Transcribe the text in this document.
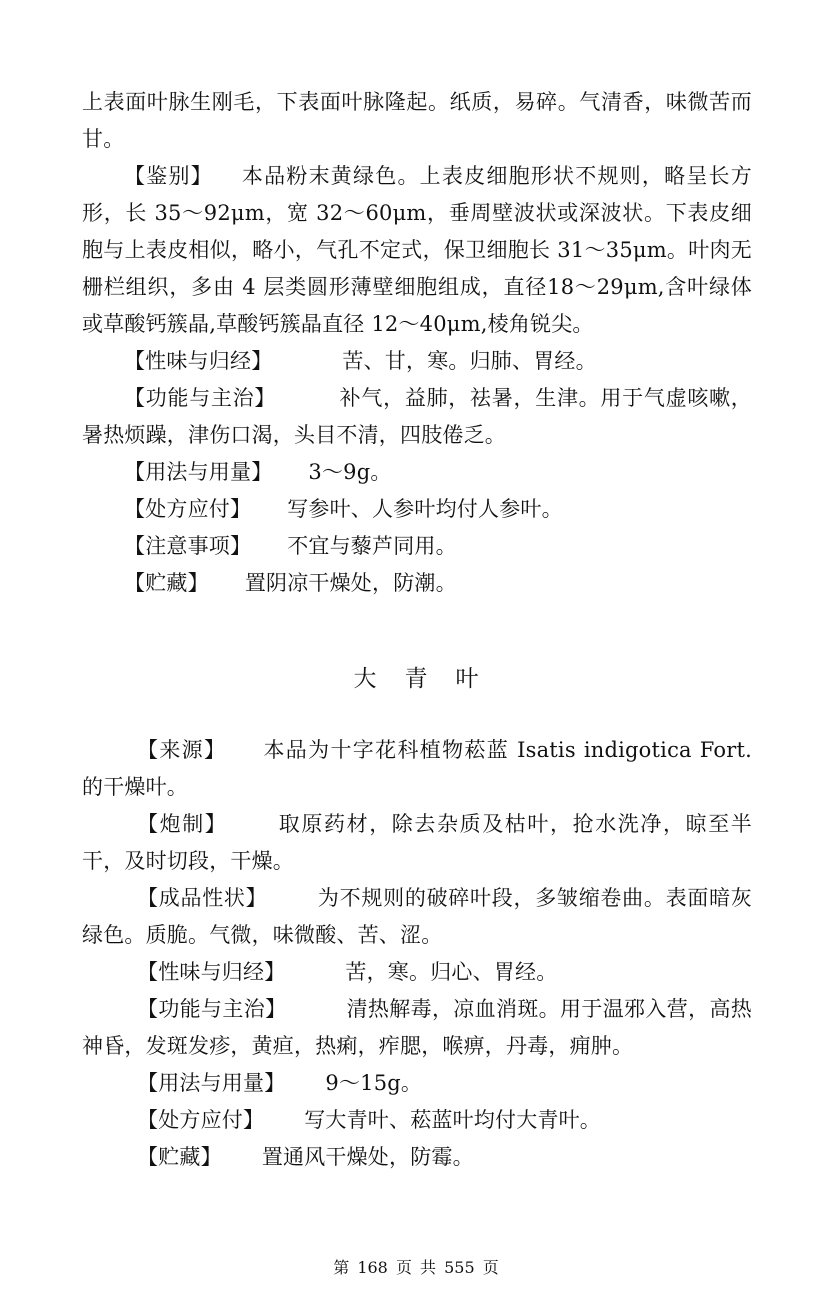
上表面叶脉生刚毛，下表面叶脉隆起。纸质，易碎。气清香，味微苦而甘。

【鉴别】 本品粉末黄绿色。上表皮细胞形状不规则，略呈长方形，长 35～92μm，宽 32～60μm，垂周壁波状或深波状。下表皮细胞与上表皮相似，略小，气孔不定式，保卫细胞长 31～35μm。叶肉无栅栏组织，多由 4 层类圆形薄壁细胞组成，直径18～29μm,含叶绿体或草酸钙簇晶,草酸钙簇晶直径 12～40μm,棱角锐尖。

【性味与归经】	苦、甘，寒。归肺、胃经。

【功能与主治】	补气，益肺，祛暑，生津。用于气虚咳嗽，暑热烦躁，津伤口渴，头目不清，四肢倦乏。

【用法与用量】 3～9g。

【处方应付】 写参叶、人参叶均付人参叶。

【注意事项】 不宜与藜芦同用。

【贮藏】 置阴凉干燥处，防潮。

大青叶

【来源】 本品为十字花科植物菘蓝 Isatis indigotica Fort. 的干燥叶。

【炮制】 取原药材，除去杂质及枯叶，抢水洗净，晾至半干，及时切段，干燥。

【成品性状】 为不规则的破碎叶段，多皱缩卷曲。表面暗灰绿色。质脆。气微，味微酸、苦、涩。

【性味与归经】	苦，寒。归心、胃经。

【功能与主治】	清热解毒，凉血消斑。用于温邪入营，高热神昏，发斑发疹，黄疸，热痢，痄腮，喉痹，丹毒，痈肿。

【用法与用量】 9～15g。

【处方应付】 写大青叶、菘蓝叶均付大青叶。

【贮藏】 置通风干燥处，防霉。

第 168 页 共 555 页
